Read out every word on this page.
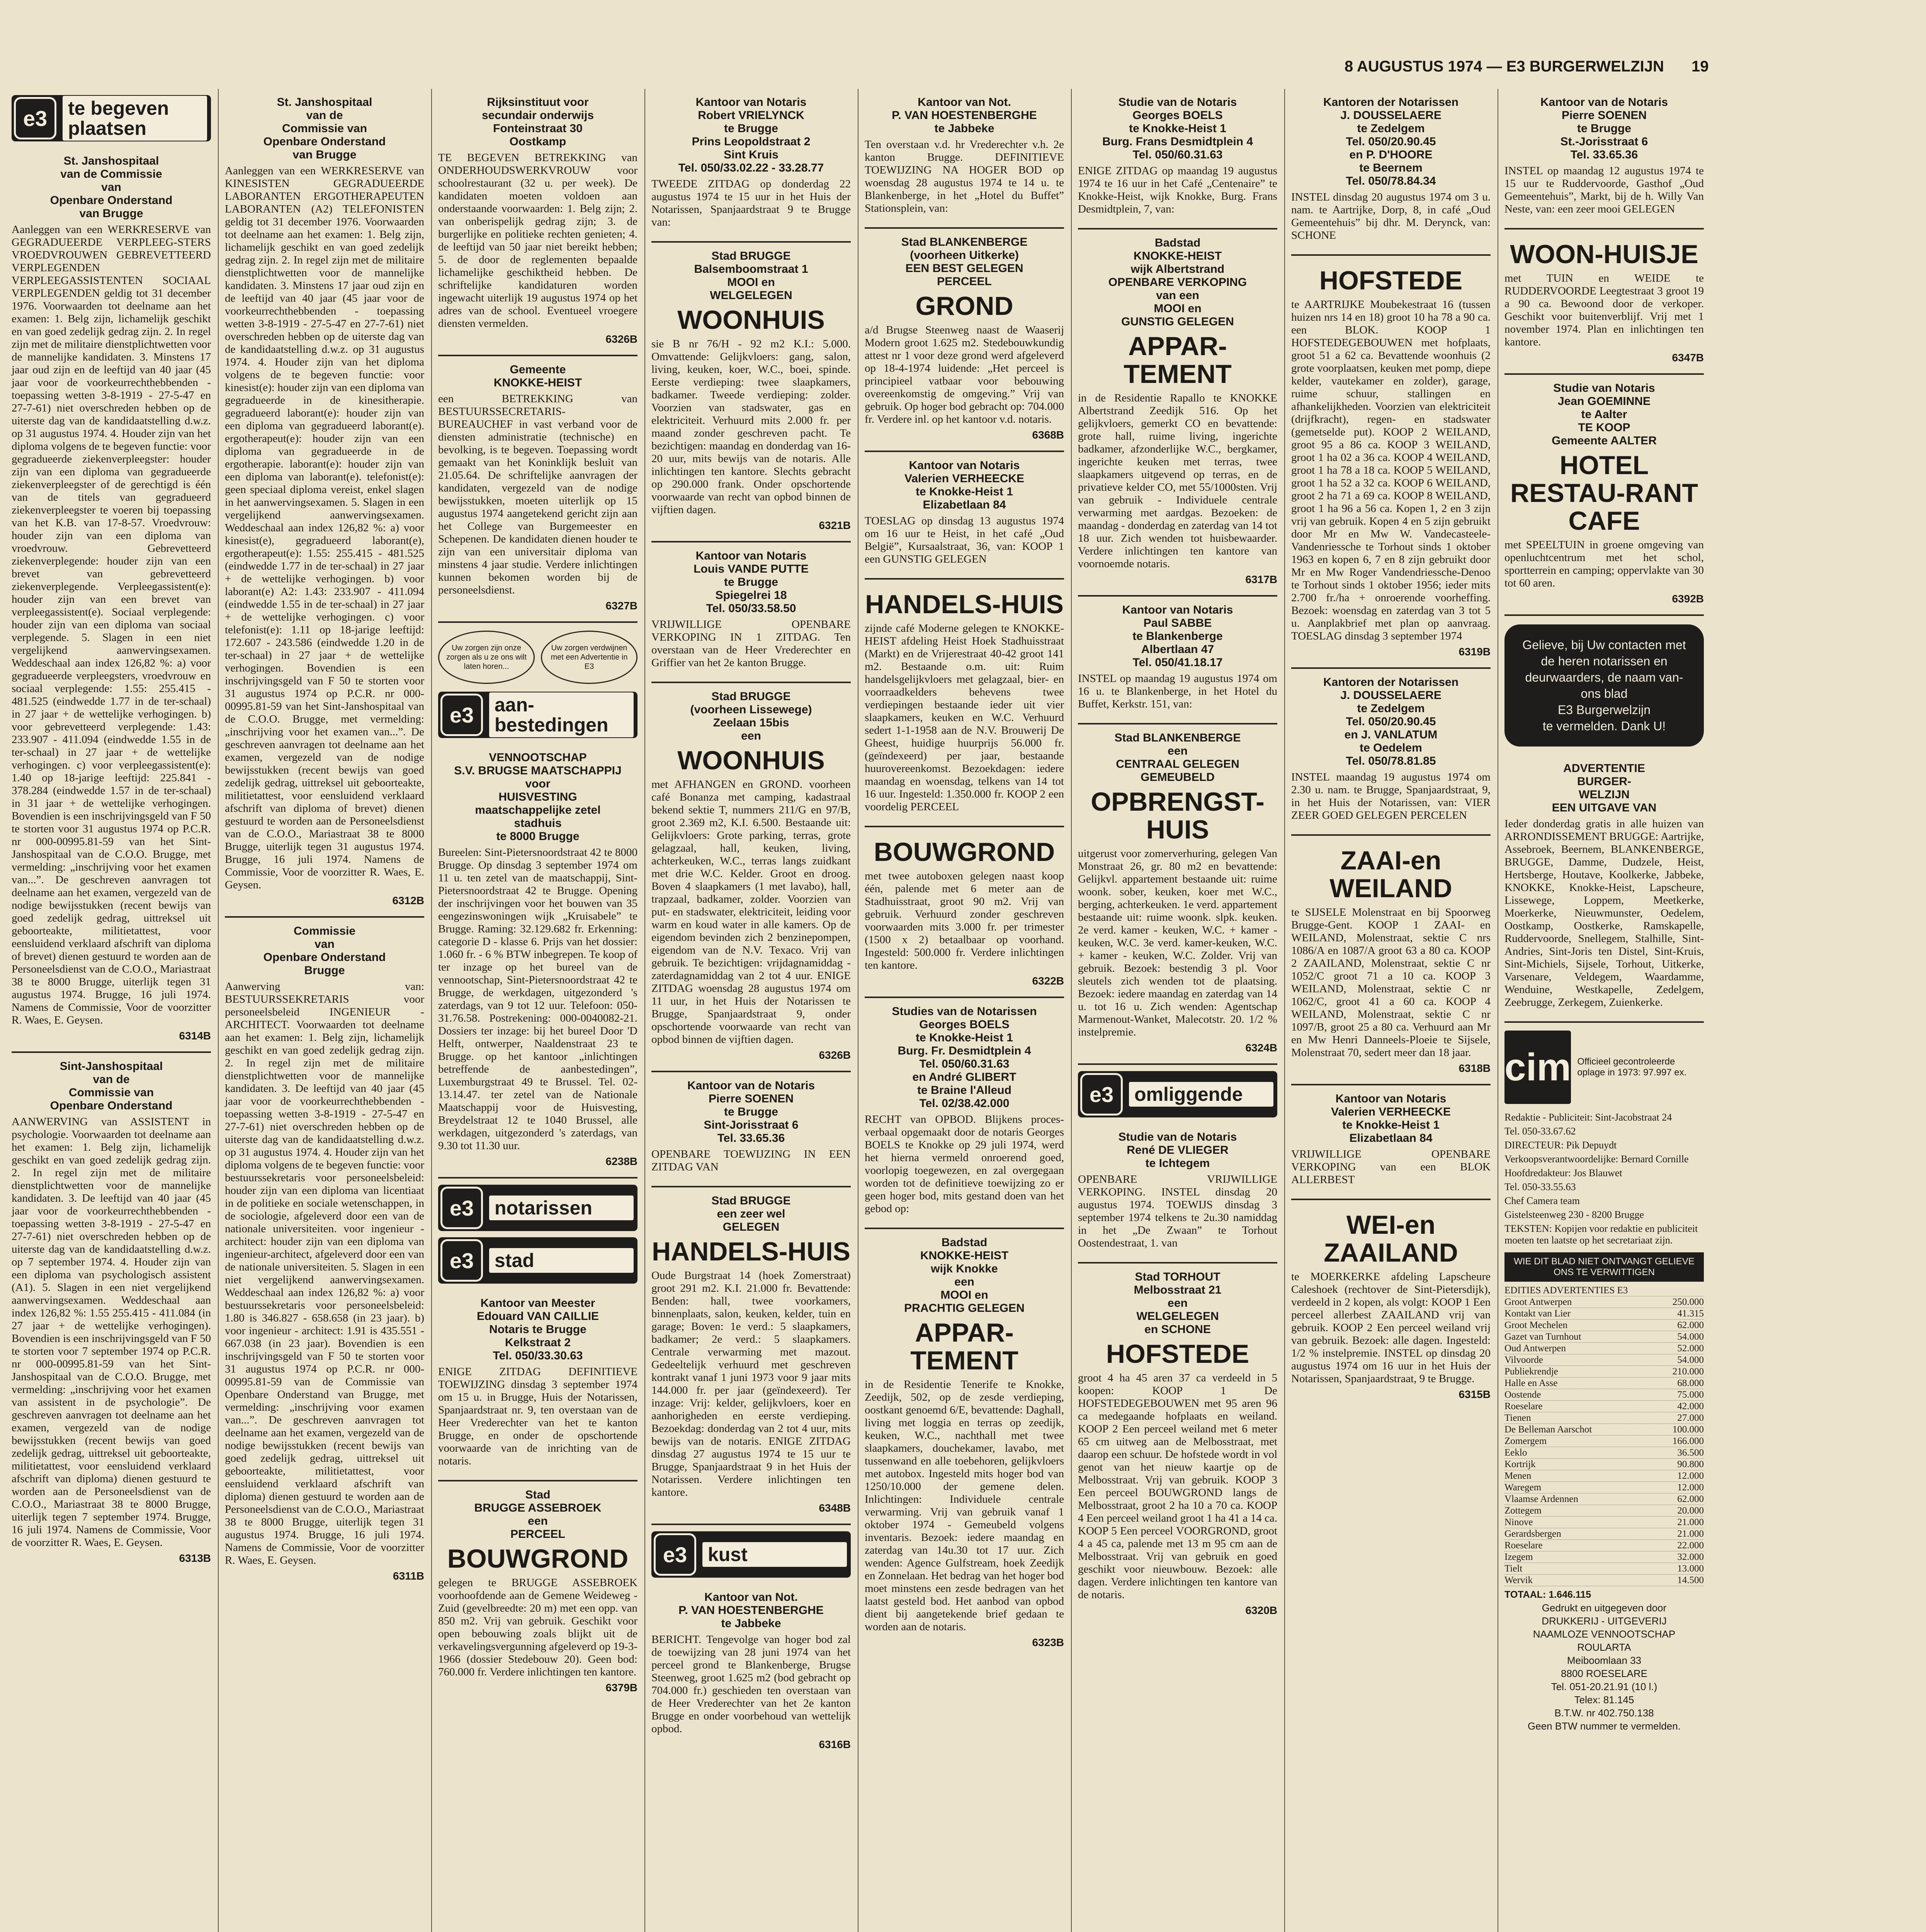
8 AUGUSTUS 1974 — E3 BURGERWELZIJN 19
e3	te begeven plaatsen

St. Janshospitaal

van de Commissie

van

Openbare Onderstand

van Brugge

Aanleggen van een WERKRESERVE van GEGRADUEERDE VERPLEEG-STERS VROEDVROUWEN GEBREVETTEERD VERPLEGENDEN VERPLEEGASSISTENTEN SOCIAAL VERPLEGENDEN geldig tot 31 december 1976. Voorwaarden tot deelname aan het examen: 1. Belg zijn, lichamelijk geschikt en van goed zedelijk gedrag zijn. 2. In regel zijn met de militaire dienstplichtwetten voor de mannelijke kandidaten. 3. Minstens 17 jaar oud zijn en de leeftijd van 40 jaar (45 jaar voor de voorkeurrechthebbenden - toepassing wetten 3-8-1919 - 27-5-47 en 27-7-61) niet overschreden hebben op de uiterste dag van de kandidaatstelling d.w.z. op 31 augustus 1974. 4. Houder zijn van het diploma volgens de te begeven functie: voor gegradueerde ziekenverpleegster: houder zijn van een diploma van gegradueerde ziekenverpleegster of de gerechtigd is één van de titels van gegradueerd ziekenverpleegster te voeren bij toepassing van het K.B. van 17-8-57. Vroedvrouw: houder zijn van een diploma van vroedvrouw. Gebrevetteerd ziekenverplegende: houder zijn van een brevet van gebrevetteerd ziekenverplegende. Verpleegassistent(e): houder zijn van een brevet van verpleegassistent(e). Sociaal verplegende: houder zijn van een diploma van sociaal verplegende. 5. Slagen in een niet vergelijkend aanwervingsexamen. Weddeschaal aan index 126,82 %: a) voor gegradueerde verpleegsters, vroedvrouw en sociaal verplegende: 1.55: 255.415 - 481.525 (eindwedde 1.77 in de ter-schaal) in 27 jaar + de wettelijke verhogingen. b) voor gebrevetteerd verplegende: 1.43: 233.907 - 411.094 (eindwedde 1.55 in de ter-schaal) in 27 jaar + de wettelijke verhogingen. c) voor verpleegassistent(e): 1.40 op 18-jarige leeftijd: 225.841 - 378.284 (eindwedde 1.57 in de ter-schaal) in 31 jaar + de wettelijke verhogingen. Bovendien is een inschrijvingsgeld van F 50 te storten voor 31 augustus 1974 op P.C.R. nr 000-00995.81-59 van het Sint-Janshospitaal van de C.O.O. Brugge, met vermelding: „inschrijving voor het examen van...”. De geschreven aanvragen tot deelname aan het examen, vergezeld van de nodige bewijsstukken (recent bewijs van goed zedelijk gedrag, uittreksel uit geboorteakte, militietattest, voor eensluidend verklaard afschrift van diploma of brevet) dienen gestuurd te worden aan de Personeelsdienst van de C.O.O., Mariastraat 38 te 8000 Brugge, uiterlijk tegen 31 augustus 1974. Brugge, 16 juli 1974. Namens de Commissie, Voor de voorzitter R. Waes, E. Geysen.

6314B

Sint-Janshospitaal

van de

Commissie van

Openbare Onderstand

AANWERVING van ASSISTENT in psychologie. Voorwaarden tot deelname aan het examen: 1. Belg zijn, lichamelijk geschikt en van goed zedelijk gedrag zijn. 2. In regel zijn met de militaire dienstplichtwetten voor de mannelijke kandidaten. 3. De leeftijd van 40 jaar (45 jaar voor de voorkeurrechthebbenden - toepassing wetten 3-8-1919 - 27-5-47 en 27-7-61) niet overschreden hebben op de uiterste dag van de kandidaatstelling d.w.z. op 7 september 1974. 4. Houder zijn van een diploma van psychologisch assistent (A1). 5. Slagen in een niet vergelijkend aanwervingsexamen. Weddeschaal aan index 126,82 %: 1.55 255.415 - 411.084 (in 27 jaar + de wettelijke verhogingen). Bovendien is een inschrijvingsgeld van F 50 te storten voor 7 september 1974 op P.C.R. nr 000-00995.81-59 van het Sint-Janshospitaal van de C.O.O. Brugge, met vermelding: „inschrijving voor het examen van assistent in de psychologie”. De geschreven aanvragen tot deelname aan het examen, vergezeld van de nodige bewijsstukken (recent bewijs van goed zedelijk gedrag, uittreksel uit geboorteakte, militietattest, voor eensluidend verklaard afschrift van diploma) dienen gestuurd te worden aan de Personeelsdienst van de C.O.O., Mariastraat 38 te 8000 Brugge, uiterlijk tegen 7 september 1974. Brugge, 16 juli 1974. Namens de Commissie, Voor de voorzitter R. Waes, E. Geysen.

6313B

St. Janshospitaal

van de

Commissie van

Openbare Onderstand

van Brugge

Aanleggen van een WERKRESERVE van KINESISTEN GEGRADUEERDE LABORANTEN ERGOTHERAPEUTEN LABORANTEN (A2) TELEFONISTEN geldig tot 31 december 1976. Voorwaarden tot deelname aan het examen: 1. Belg zijn, lichamelijk geschikt en van goed zedelijk gedrag zijn. 2. In regel zijn met de militaire dienstplichtwetten voor de mannelijke kandidaten. 3. Minstens 17 jaar oud zijn en de leeftijd van 40 jaar (45 jaar voor de voorkeurrechthebbenden - toepassing wetten 3-8-1919 - 27-5-47 en 27-7-61) niet overschreden hebben op de uiterste dag van de kandidaatstelling d.w.z. op 31 augustus 1974. 4. Houder zijn van het diploma volgens de te begeven functie: voor kinesist(e): houder zijn van een diploma van gegradueerde in de kinesitherapie. gegradueerd laborant(e): houder zijn van een diploma van gegradueerd laborant(e). ergotherapeut(e): houder zijn van een diploma van gegradueerde in de ergotherapie. laborant(e): houder zijn van een diploma van laborant(e). telefonist(e): geen speciaal diploma vereist, enkel slagen in het aanwervingsexamen. 5. Slagen in een vergelijkend aanwervingsexamen. Weddeschaal aan index 126,82 %: a) voor kinesist(e), gegradueerd laborant(e), ergotherapeut(e): 1.55: 255.415 - 481.525 (eindwedde 1.77 in de ter-schaal) in 27 jaar + de wettelijke verhogingen. b) voor laborant(e) A2: 1.43: 233.907 - 411.094 (eindwedde 1.55 in de ter-schaal) in 27 jaar + de wettelijke verhogingen. c) voor telefonist(e): 1.11 op 18-jarige leeftijd: 172.607 - 243.586 (eindwedde 1.20 in de ter-schaal) in 27 jaar + de wettelijke verhogingen. Bovendien is een inschrijvingsgeld van F 50 te storten voor 31 augustus 1974 op P.C.R. nr 000-00995.81-59 van het Sint-Janshospitaal van de C.O.O. Brugge, met vermelding: „inschrijving voor het examen van...”. De geschreven aanvragen tot deelname aan het examen, vergezeld van de nodige bewijsstukken (recent bewijs van goed zedelijk gedrag, uittreksel uit geboorteakte, militietattest, voor eensluidend verklaard afschrift van diploma of brevet) dienen gestuurd te worden aan de Personeelsdienst van de C.O.O., Mariastraat 38 te 8000 Brugge, uiterlijk tegen 31 augustus 1974. Brugge, 16 juli 1974. Namens de Commissie, Voor de voorzitter R. Waes, E. Geysen.

6312B

Commissie

van

Openbare Onderstand

Brugge

Aanwerving van: BESTUURSSEKRETARIS voor personeelsbeleid INGENIEUR - ARCHITECT. Voorwaarden tot deelname aan het examen: 1. Belg zijn, lichamelijk geschikt en van goed zedelijk gedrag zijn. 2. In regel zijn met de militaire dienstplichtwetten voor de mannelijke kandidaten. 3. De leeftijd van 40 jaar (45 jaar voor de voorkeurrechthebbenden - toepassing wetten 3-8-1919 - 27-5-47 en 27-7-61) niet overschreden hebben op de uiterste dag van de kandidaatstelling d.w.z. op 31 augustus 1974. 4. Houder zijn van het diploma volgens de te begeven functie: voor bestuurssekretaris voor personeelsbeleid: houder zijn van een diploma van licentiaat in de politieke en sociale wetenschappen, in de sociologie, afgeleverd door een van de nationale universiteiten. voor ingenieur - architect: houder zijn van een diploma van ingenieur-architect, afgeleverd door een van de nationale universiteiten. 5. Slagen in een niet vergelijkend aanwervingsexamen. Weddeschaal aan index 126,82 %: a) voor bestuurssekretaris voor personeelsbeleid: 1.80 is 346.827 - 658.658 (in 23 jaar). b) voor ingenieur - architect: 1.91 is 435.551 - 667.038 (in 23 jaar). Bovendien is een inschrijvingsgeld van F 50 te storten voor 31 augustus 1974 op P.C.R. nr 000-00995.81-59 van de Commissie van Openbare Onderstand van Brugge, met vermelding: „inschrijving voor examen van...”. De geschreven aanvragen tot deelname aan het examen, vergezeld van de nodige bewijsstukken (recent bewijs van goed zedelijk gedrag, uittreksel uit geboorteakte, militietattest, voor eensluidend verklaard afschrift van diploma) dienen gestuurd te worden aan de Personeelsdienst van de C.O.O., Mariastraat 38 te 8000 Brugge, uiterlijk tegen 31 augustus 1974. Brugge, 16 juli 1974. Namens de Commissie, Voor de voorzitter R. Waes, E. Geysen.

6311B

Rijksinstituut voor

secundair onderwijs

Fonteinstraat 30

Oostkamp

TE BEGEVEN BETREKKING van ONDERHOUDSWERKVROUW voor schoolrestaurant (32 u. per week). De kandidaten moeten voldoen aan onderstaande voorwaarden: 1. Belg zijn; 2. van onberispelijk gedrag zijn; 3. de burgerlijke en politieke rechten genieten; 4. de leeftijd van 50 jaar niet bereikt hebben; 5. de door de reglementen bepaalde lichamelijke geschiktheid hebben. De schriftelijke kandidaturen worden ingewacht uiterlijk 19 augustus 1974 op het adres van de school. Eventueel vroegere diensten vermelden.

6326B

Gemeente

KNOKKE-HEIST

een BETREKKING van BESTUURSSECRETARIS-BUREAUCHEF in vast verband voor de diensten administratie (technische) en bevolking, is te begeven. Toepassing wordt gemaakt van het Koninklijk besluit van 21.05.64. De schriftelijke aanvragen der kandidaten, vergezeld van de nodige bewijsstukken, moeten uiterlijk op 15 augustus 1974 aangetekend gericht zijn aan het College van Burgemeester en Schepenen. De kandidaten dienen houder te zijn van een universitair diploma van minstens 4 jaar studie. Verdere inlichtingen kunnen bekomen worden bij de personeelsdienst.

6327B

Uw zorgen zijn onze zorgen als u ze ons wilt laten horen...
Uw zorgen verdwijnen met een Advertentie in E3
e3	aan-bestedingen

VENNOOTSCHAP

S.V. BRUGSE MAATSCHAPPIJ

voor

HUISVESTING

maatschappelijke zetel

stadhuis

te 8000 Brugge

Bureelen: Sint-Pietersnoordstraat 42 te 8000 Brugge. Op dinsdag 3 september 1974 om 11 u. ten zetel van de maatschappij, Sint-Pietersnoordstraat 42 te Brugge. Opening der inschrijvingen voor het bouwen van 35 eengezinswoningen wijk „Kruisabele” te Brugge. Raming: 32.129.682 fr. Erkenning: categorie D - klasse 6. Prijs van het dossier: 1.060 fr. - 6 % BTW inbegrepen. Te koop of ter inzage op het bureel van de vennootschap, Sint-Pietersnoordstraat 42 te Brugge, de werkdagen, uitgezonderd 's zaterdags, van 9 tot 12 uur. Telefoon: 050-31.76.58. Postrekening: 000-0040082-21. Dossiers ter inzage: bij het bureel Door 'D Helft, ontwerper, Naaldenstraat 23 te Brugge. op het kantoor „inlichtingen betreffende de aanbestedingen”, Luxemburgstraat 49 te Brussel. Tel. 02-13.14.47. ter zetel van de Nationale Maatschappij voor de Huisvesting, Breydelstraat 12 te 1040 Brussel, alle werkdagen, uitgezonderd 's zaterdags, van 9.30 tot 11.30 uur.

6238B

e3	notarissen
e3	stad

Kantoor van Meester

Edouard VAN CAILLIE

Notaris te Brugge

Kelkstraat 2

Tel. 050/33.30.63

ENIGE ZITDAG DEFINITIEVE TOEWIJZING dinsdag 3 september 1974 om 15 u. in Brugge, Huis der Notarissen, Spanjaardstraat nr. 9, ten overstaan van de Heer Vrederechter van het te kanton Brugge, en onder de opschortende voorwaarde van de inrichting van de notaris.

Stad

BRUGGE ASSEBROEK

een

PERCEEL

BOUWGROND

gelegen te BRUGGE ASSEBROEK voorhoofdende aan de Gemene Weideweg - Zuid (gevelbreedte: 20 m) met een opp. van 850 m2. Vrij van gebruik. Geschikt voor open bebouwing zoals blijkt uit de verkavelingsvergunning afgeleverd op 19-3-1966 (dossier Stedebouw 20). Geen bod: 760.000 fr. Verdere inlichtingen ten kantore.

6379B

Kantoor van Notaris

Robert VRIELYNCK

te Brugge

Prins Leopoldstraat 2

Sint Kruis

Tel. 050/33.02.22 - 33.28.77

TWEEDE ZITDAG op donderdag 22 augustus 1974 te 15 uur in het Huis der Notarissen, Spanjaardstraat 9 te Brugge van:

Stad BRUGGE

Balsemboomstraat 1

MOOI en

WELGELEGEN

WOONHUIS

sie B nr 76/H - 92 m2 K.I.: 5.000. Omvattende: Gelijkvloers: gang, salon, living, keuken, koer, W.C., boei, spinde. Eerste verdieping: twee slaapkamers, badkamer. Tweede verdieping: zolder. Voorzien van stadswater, gas en elektriciteit. Verhuurd mits 2.000 fr. per maand zonder geschreven pacht. Te bezichtigen: maandag en donderdag van 16-20 uur, mits bewijs van de notaris. Alle inlichtingen ten kantore. Slechts gebracht op 290.000 frank. Onder opschortende voorwaarde van recht van opbod binnen de vijftien dagen.

6321B

Kantoor van Notaris

Louis VANDE PUTTE

te Brugge

Spiegelrei 18

Tel. 050/33.58.50

VRIJWILLIGE OPENBARE VERKOPING IN 1 ZITDAG. Ten overstaan van de Heer Vrederechter en Griffier van het 2e kanton Brugge.

Stad BRUGGE

(voorheen Lissewege)

Zeelaan 15bis

een

WOONHUIS

met AFHANGEN en GROND. voorheen café Bonanza met camping, kadastraal bekend sektie T, nummers 211/G en 97/B, groot 2.369 m2, K.I. 6.500. Bestaande uit: Gelijkvloers: Grote parking, terras, grote gelagzaal, hall, keuken, living, achterkeuken, W.C., terras langs zuidkant met drie W.C. Kelder. Groot en droog. Boven 4 slaapkamers (1 met lavabo), hall, trapzaal, badkamer, zolder. Voorzien van put- en stadswater, elektriciteit, leiding voor warm en koud water in alle kamers. Op de eigendom bevinden zich 2 benzinepompen, eigendom van de N.V. Texaco. Vrij van gebruik. Te bezichtigen: vrijdagnamiddag - zaterdagnamiddag van 2 tot 4 uur. ENIGE ZITDAG woensdag 28 augustus 1974 om 11 uur, in het Huis der Notarissen te Brugge, Spanjaardstraat 9, onder opschortende voorwaarde van recht van opbod binnen de vijftien dagen.

6326B

Kantoor van de Notaris

Pierre SOENEN

te Brugge

Sint-Jorisstraat 6

Tel. 33.65.36

OPENBARE TOEWIJZING IN EEN ZITDAG VAN

Stad BRUGGE

een zeer wel

GELEGEN

HANDELS-HUIS

Oude Burgstraat 14 (hoek Zomerstraat) groot 291 m2. K.I. 21.000 fr. Bevattende: Benden: hall, twee voorkamers, binnenplaats, salon, keuken, kelder, tuin en garage; Boven: 1e verd.: 5 slaapkamers, badkamer; 2e verd.: 5 slaapkamers. Centrale verwarming met mazout. Gedeeltelijk verhuurd met geschreven kontrakt vanaf 1 juni 1973 voor 9 jaar mits 144.000 fr. per jaar (geïndexeerd). Ter inzage: Vrij: kelder, gelijkvloers, koer en aanhorigheden en eerste verdieping. Bezoekdag: donderdag van 2 tot 4 uur, mits bewijs van de notaris. ENIGE ZITDAG dinsdag 27 augustus 1974 te 15 uur te Brugge, Spanjaardstraat 9 in het Huis der Notarissen. Verdere inlichtingen ten kantore.

6348B

e3	kust

Kantoor van Not.

P. VAN HOESTENBERGHE

te Jabbeke

BERICHT. Tengevolge van hoger bod zal de toewijzing van 28 juni 1974 van het perceel grond te Blankenberge, Brugse Steenweg, groot 1.625 m2 (bod gebracht op 704.000 fr.) geschieden ten overstaan van de Heer Vrederechter van het 2e kanton Brugge en onder voorbehoud van wettelijk opbod.

6316B

Kantoor van Not.

P. VAN HOESTENBERGHE

te Jabbeke

Ten overstaan v.d. hr Vrederechter v.h. 2e kanton Brugge. DEFINITIEVE TOEWIJZING NA HOGER BOD op woensdag 28 augustus 1974 te 14 u. te Blankenberge, in het „Hotel du Buffet” Stationsplein, van:

Stad BLANKENBERGE

(voorheen Uitkerke)

EEN BEST GELEGEN

PERCEEL

GROND

a/d Brugse Steenweg naast de Waaserij Modern groot 1.625 m2. Stedebouwkundig attest nr 1 voor deze grond werd afgeleverd op 18-4-1974 luidende: „Het perceel is principieel vatbaar voor bebouwing overeenkomstig de omgeving.” Vrij van gebruik. Op hoger bod gebracht op: 704.000 fr. Verdere inl. op het kantoor v.d. notaris.

6368B

Kantoor van Notaris

Valerien VERHEECKE

te Knokke-Heist 1

Elizabetlaan 84

TOESLAG op dinsdag 13 augustus 1974 om 16 uur te Heist, in het café „Oud België”, Kursaalstraat, 36, van: KOOP 1 een GUNSTIG GELEGEN

HANDELS-HUIS

zijnde café Moderne gelegen te KNOKKE-HEIST afdeling Heist Hoek Stadhuisstraat (Markt) en de Vrijerestraat 40-42 groot 141 m2. Bestaande o.m. uit: Ruim handelsgelijkvloers met gelagzaal, bier- en voorraadkelders behevens twee verdiepingen bestaande ieder uit vier slaapkamers, keuken en W.C. Verhuurd sedert 1-1-1958 aan de N.V. Brouwerij De Gheest, huidige huurprijs 56.000 fr. (geïndexeerd) per jaar, bestaande huurovereenkomst. Bezoekdagen: iedere maandag en woensdag, telkens van 14 tot 16 uur. Ingesteld: 1.350.000 fr. KOOP 2 een voordelig PERCEEL

BOUWGROND

met twee autoboxen gelegen naast koop één, palende met 6 meter aan de Stadhuisstraat, groot 90 m2. Vrij van gebruik. Verhuurd zonder geschreven voorwaarden mits 3.000 fr. per trimester (1500 x 2) betaalbaar op voorhand. Ingesteld: 500.000 fr. Verdere inlichtingen ten kantore.

6322B

Studies van de Notarissen

Georges BOELS

te Knokke-Heist 1

Burg. Fr. Desmidtplein 4

Tel. 050/60.31.63

en André GLIBERT

te Braine l'Alleud

Tel. 02/38.42.000

RECHT van OPBOD. Blijkens proces-verbaal opgemaakt door de notaris Georges BOELS te Knokke op 29 juli 1974, werd het hierna vermeld onroerend goed, voorlopig toegewezen, en zal overgegaan worden tot de definitieve toewijzing zo er geen hoger bod, mits gestand doen van het gebod op:

Badstad

KNOKKE-HEIST

wijk Knokke

een

MOOI en

PRACHTIG GELEGEN

APPAR-TEMENT

in de Residentie Tenerife te Knokke, Zeedijk, 502, op de zesde verdieping, oostkant genoemd 6/E, bevattende: Daghall, living met loggia en terras op zeedijk, keuken, W.C., nachthall met twee slaapkamers, douchekamer, lavabo, met tussenwand en alle toebehoren, gelijkvloers met autobox. Ingesteld mits hoger bod van 1250/10.000 der gemene delen. Inlichtingen: Individuele centrale verwarming. Vrij van gebruik vanaf 1 oktober 1974 - Gemeubeld volgens inventaris. Bezoek: iedere maandag en zaterdag van 14u.30 tot 17 uur. Zich wenden: Agence Gulfstream, hoek Zeedijk en Zonnelaan. Het bedrag van het hoger bod moet minstens een zesde bedragen van het laatst gesteld bod. Het aanbod van opbod dient bij aangetekende brief gedaan te worden aan de notaris.

6323B

Studie van de Notaris

Georges BOELS

te Knokke-Heist 1

Burg. Frans Desmidtplein 4

Tel. 050/60.31.63

ENIGE ZITDAG op maandag 19 augustus 1974 te 16 uur in het Café „Centenaire” te Knokke-Heist, wijk Knokke, Burg. Frans Desmidtplein, 7, van:

Badstad

KNOKKE-HEIST

wijk Albertstrand

OPENBARE VERKOPING

van een

MOOI en

GUNSTIG GELEGEN

APPAR-TEMENT

in de Residentie Rapallo te KNOKKE Albertstrand Zeedijk 516. Op het gelijkvloers, gemerkt CO en bevattende: grote hall, ruime living, ingerichte badkamer, afzonderlijke W.C., bergkamer, ingerichte keuken met terras, twee slaapkamers uitgevend op terras, en de privatieve kelder CO, met 55/1000sten. Vrij van gebruik - Individuele centrale verwarming met aardgas. Bezoeken: de maandag - donderdag en zaterdag van 14 tot 18 uur. Zich wenden tot huisbewaarder. Verdere inlichtingen ten kantore van voornoemde notaris.

6317B

Kantoor van Notaris

Paul SABBE

te Blankenberge

Albertlaan 47

Tel. 050/41.18.17

INSTEL op maandag 19 augustus 1974 om 16 u. te Blankenberge, in het Hotel du Buffet, Kerkstr. 151, van:

Stad BLANKENBERGE

een

CENTRAAL GELEGEN

GEMEUBELD

OPBRENGST-HUIS

uitgerust voor zomerverhuring, gelegen Van Monstraat 26, gr. 80 m2 en bevattende: Gelijkvl. appartement bestaande uit: ruime woonk. sober, keuken, koer met W.C., berging, achterkeuken. 1e verd. appartement bestaande uit: ruime woonk. slpk. keuken. 2e verd. kamer - keuken, W.C. + kamer - keuken, W.C. 3e verd. kamer-keuken, W.C. + kamer - keuken, W.C. Zolder. Vrij van gebruik. Bezoek: bestendig 3 pl. Voor sleutels zich wenden tot de plaatsing. Bezoek: iedere maandag en zaterdag van 14 u. tot 16 u. Zich wenden: Agentschap Marmenout-Wanket, Malecotstr. 20. 1/2 % instelpremie.

6324B

e3	omliggende

Studie van de Notaris

René DE VLIEGER

te Ichtegem

OPENBARE VRIJWILLIGE VERKOPING. INSTEL dinsdag 20 augustus 1974. TOEWIJS dinsdag 3 september 1974 telkens te 2u.30 namiddag in het „De Zwaan” te Torhout Oostendestraat, 1. van

Stad TORHOUT

Melbosstraat 21

een

WELGELEGEN

en SCHONE

HOFSTEDE

groot 4 ha 45 aren 37 ca verdeeld in 5 koopen: KOOP 1 De HOFSTEDEGEBOUWEN met 95 aren 96 ca medegaande hofplaats en weiland. KOOP 2 Een perceel weiland met 6 meter 65 cm uitweg aan de Melbosstraat, met daarop een schuur. De hofstede wordt in vol genot van het nieuw kaartje op de Melbosstraat. Vrij van gebruik. KOOP 3 Een perceel BOUWGROND langs de Melbosstraat, groot 2 ha 10 a 70 ca. KOOP 4 Een perceel weiland groot 1 ha 41 a 14 ca. KOOP 5 Een perceel VOORGROND, groot 4 a 45 ca, palende met 13 m 95 cm aan de Melbosstraat. Vrij van gebruik en goed geschikt voor nieuwbouw. Bezoek: alle dagen. Verdere inlichtingen ten kantore van de notaris.

6320B

Kantoren der Notarissen

J. DOUSSELAERE

te Zedelgem

Tel. 050/20.90.45

en P. D'HOORE

te Beernem

Tel. 050/78.84.34

INSTEL dinsdag 20 augustus 1974 om 3 u. nam. te Aartrijke, Dorp, 8, in café „Oud Gemeentehuis” bij dhr. M. Derynck, van: SCHONE

HOFSTEDE

te AARTRIJKE Moubekestraat 16 (tussen huizen nrs 14 en 18) groot 10 ha 78 a 90 ca. een BLOK. KOOP 1 HOFSTEDEGEBOUWEN met hofplaats, groot 51 a 62 ca. Bevattende woonhuis (2 grote voorplaatsen, keuken met pomp, diepe kelder, vautekamer en zolder), garage, ruime schuur, stallingen en afhankelijkheden. Voorzien van elektriciteit (drijfkracht), regen- en stadswater (gemetselde put). KOOP 2 WEILAND, groot 95 a 86 ca. KOOP 3 WEILAND, groot 1 ha 02 a 36 ca. KOOP 4 WEILAND, groot 1 ha 78 a 18 ca. KOOP 5 WEILAND, groot 1 ha 52 a 32 ca. KOOP 6 WEILAND, groot 2 ha 71 a 69 ca. KOOP 8 WEILAND, groot 1 ha 96 a 56 ca. Kopen 1, 2 en 3 zijn vrij van gebruik. Kopen 4 en 5 zijn gebruikt door Mr en Mw W. Vandecasteele-Vandenriessche te Torhout sinds 1 oktober 1963 en kopen 6, 7 en 8 zijn gebruikt door Mr en Mw Roger Vandendriessche-Denoo te Torhout sinds 1 oktober 1956; ieder mits 2.700 fr./ha + onroerende voorheffing. Bezoek: woensdag en zaterdag van 3 tot 5 u. Aanplakbrief met plan op aanvraag. TOESLAG dinsdag 3 september 1974

6319B

Kantoren der Notarissen

J. DOUSSELAERE

te Zedelgem

Tel. 050/20.90.45

en J. VANLATUM

te Oedelem

Tel. 050/78.81.85

INSTEL maandag 19 augustus 1974 om 2.30 u. nam. te Brugge, Spanjaardstraat, 9, in het Huis der Notarissen, van: VIER ZEER GOED GELEGEN PERCELEN

ZAAI-en WEILAND

te SIJSELE Molenstraat en bij Spoorweg Brugge-Gent. KOOP 1 ZAAI- en WEILAND, Molenstraat, sektie C nrs 1086/A en 1087/A groot 63 a 80 ca. KOOP 2 ZAAILAND, Molenstraat, sektie C nr 1052/C groot 71 a 10 ca. KOOP 3 WEILAND, Molenstraat, sektie C nr 1062/C, groot 41 a 60 ca. KOOP 4 WEILAND, Molenstraat, sektie C nr 1097/B, groot 25 a 80 ca. Verhuurd aan Mr en Mw Henri Danneels-Ploeie te Sijsele, Molenstraat 70, sedert meer dan 18 jaar.

6318B

Kantoor van Notaris

Valerien VERHEECKE

te Knokke-Heist 1

Elizabetlaan 84

VRIJWILLIGE OPENBARE VERKOPING van een BLOK ALLERBEST

WEI-en ZAAILAND

te MOERKERKE afdeling Lapscheure Caleshoek (rechtover de Sint-Pietersdijk), verdeeld in 2 kopen, als volgt: KOOP 1 Een perceel allerbest ZAAILAND vrij van gebruik. KOOP 2 Een perceel weiland vrij van gebruik. Bezoek: alle dagen. Ingesteld: 1/2 % instelpremie. INSTEL op dinsdag 20 augustus 1974 om 16 uur in het Huis der Notarissen, Spanjaardstraat, 9 te Brugge.

6315B

Kantoor van de Notaris

Pierre SOENEN

te Brugge

St.-Jorisstraat 6

Tel. 33.65.36

INSTEL op maandag 12 augustus 1974 te 15 uur te Ruddervoorde, Gasthof „Oud Gemeentehuis”, Markt, bij de h. Willy Van Neste, van: een zeer mooi GELEGEN

WOON-HUISJE

met TUIN en WEIDE te RUDDERVOORDE Leegtestraat 3 groot 19 a 90 ca. Bewoond door de verkoper. Geschikt voor buitenverblijf. Vrij met 1 november 1974. Plan en inlichtingen ten kantore.

6347B

Studie van Notaris

Jean GOEMINNE

te Aalter

TE KOOP

Gemeente AALTER

HOTEL RESTAU-RANT CAFE

met SPEELTUIN in groene omgeving van openluchtcentrum met het schol, sportterrein en camping; oppervlakte van 30 tot 60 aren.

6392B

Gelieve, bij Uw contacten met

de heren notarissen en

deurwaarders, de naam van-

ons blad

E3 Burgerwelzijn

te vermelden. Dank U!

ADVERTENTIE

BURGER-

WELZIJN

EEN UITGAVE VAN

Ieder donderdag gratis in alle huizen van ARRONDISSEMENT BRUGGE: Aartrijke, Assebroek, Beernem, BLANKENBERGE, BRUGGE, Damme, Dudzele, Heist, Hertsberge, Houtave, Koolkerke, Jabbeke, KNOKKE, Knokke-Heist, Lapscheure, Lissewege, Loppem, Meetkerke, Moerkerke, Nieuwmunster, Oedelem, Oostkamp, Oostkerke, Ramskapelle, Ruddervoorde, Snellegem, Stalhille, Sint-Andries, Sint-Joris ten Distel, Sint-Kruis, Sint-Michiels, Sijsele, Torhout, Uitkerke, Varsenare, Veldegem, Waardamme, Wenduine, Westkapelle, Zedelgem, Zeebrugge, Zerkegem, Zuienkerke.

cim Officieel gecontroleerde oplage in 1973: 97.997 ex.

Redaktie - Publiciteit: Sint-Jacobstraat 24

Tel. 050-33.67.62

DIRECTEUR: Pik Depuydt

Verkoopsverantwoordelijke: Bernard Cornille

Hoofdredakteur: Jos Blauwet

Tel. 050-33.55.63

Chef Camera team

Gistelsteenweg 230 - 8200 Brugge

TEKSTEN: Kopijen voor redaktie en publiciteit moeten ten laatste op het secretariaat zijn.

WIE DIT BLAD NIET ONTVANGT GELIEVE ONS TE VERWITTIGEN
EDITIES ADVERTENTIES E3
Groot Antwerpen	250.000
Kontakt van Lier	41.315
Groot Mechelen	62.000
Gazet van Turnhout	54.000
Oud Antwerpen	52.000
Vilvoorde	54.000
Publiekrendje	210.000
Halle en Asse	68.000
Oostende	75.000
Roeselare	42.000
Tienen	27.000
De Belleman Aarschot	100.000
Zomergem	166.000
Eeklo	36.500
Kortrijk	90.800
Menen	12.000
Waregem	12.000
Vlaamse Ardennen	62.000
Zottegem	20.000
Ninove	21.000
Gerardsbergen	21.000
Roeselare	22.000
Izegem	32.000
Tielt	13.000
Wervik	14.500
TOTAAL: 1.646.115

Gedrukt en uitgegeven door

DRUKKERIJ - UITGEVERIJ

NAAMLOZE VENNOOTSCHAP

ROULARTA

Meiboomlaan 33

8800 ROESELARE

Tel. 051-20.21.91 (10 l.)

Telex: 81.145

B.T.W. nr 402.750.138

Geen BTW nummer te vermelden.
